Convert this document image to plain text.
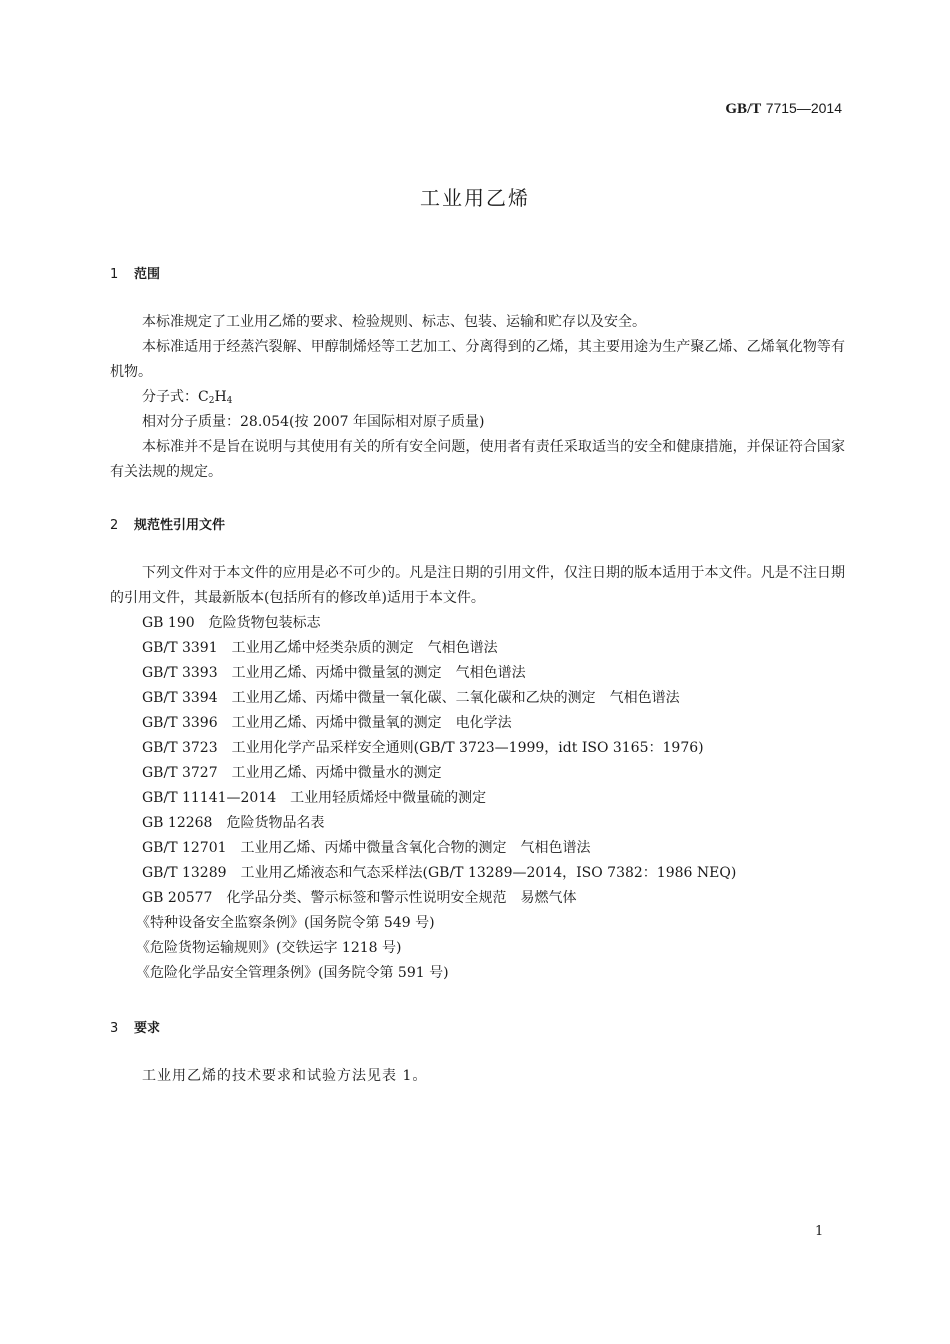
GB/T 7715—2014
工业用乙烯
1 范围
本标准规定了工业用乙烯的要求、检验规则、标志、包装、运输和贮存以及安全。
本标准适用于经蒸汽裂解、甲醇制烯烃等工艺加工、分离得到的乙烯，其主要用途为生产聚乙烯、乙烯氧化物等有机物。
分子式：$C_2H_4$
相对分子质量：28.054(按 2007 年国际相对原子质量)
本标准并不是旨在说明与其使用有关的所有安全问题，使用者有责任采取适当的安全和健康措施，并保证符合国家有关法规的规定。
2 规范性引用文件
下列文件对于本文件的应用是必不可少的。凡是注日期的引用文件，仅注日期的版本适用于本文件。凡是不注日期的引用文件，其最新版本(包括所有的修改单)适用于本文件。
GB 190 危险货物包装标志
GB/T 3391 工业用乙烯中烃类杂质的测定　气相色谱法
GB/T 3393 工业用乙烯、丙烯中微量氢的测定　气相色谱法
GB/T 3394 工业用乙烯、丙烯中微量一氧化碳、二氧化碳和乙炔的测定　气相色谱法
GB/T 3396 工业用乙烯、丙烯中微量氧的测定　电化学法
GB/T 3723 工业用化学产品采样安全通则(GB/T 3723—1999，idt ISO 3165：1976)
GB/T 3727 工业用乙烯、丙烯中微量水的测定
GB/T 11141—2014 工业用轻质烯烃中微量硫的测定
GB 12268 危险货物品名表
GB/T 12701 工业用乙烯、丙烯中微量含氧化合物的测定　气相色谱法
GB/T 13289 工业用乙烯液态和气态采样法(GB/T 13289—2014，ISO 7382：1986 NEQ)
GB 20577 化学品分类、警示标签和警示性说明安全规范　易燃气体
《特种设备安全监察条例》(国务院令第 549 号)
《危险货物运输规则》(交铁运字 1218 号)
《危险化学品安全管理条例》(国务院令第 591 号)
3 要求
工业用乙烯的技术要求和试验方法见表 1。
1
